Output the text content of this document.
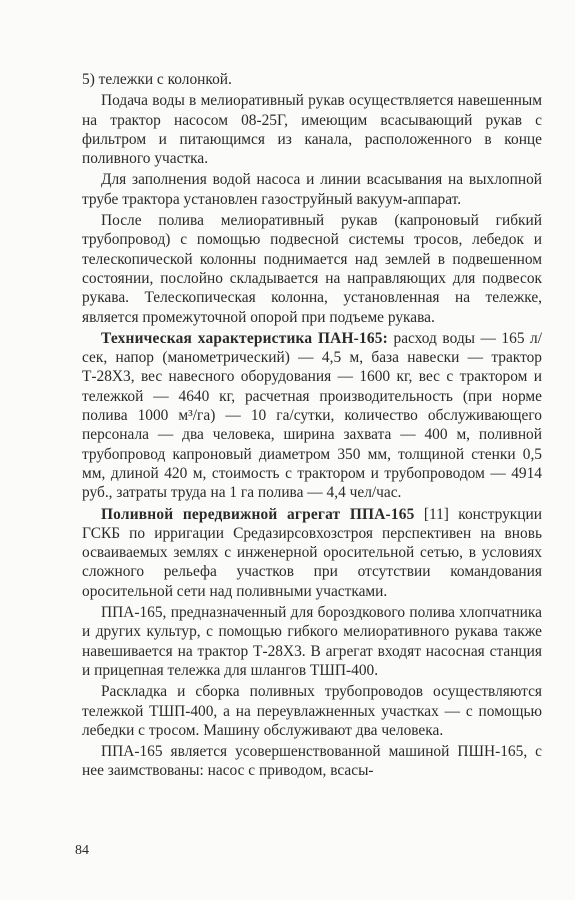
5) тележки с колонкой.

Подача воды в мелиоративный рукав осуществляется навешенным на трактор насосом 08-25Г, имеющим всасывающий рукав с фильтром и питающимся из канала, расположенного в конце поливного участка.

Для заполнения водой насоса и линии всасывания на выхлопной трубе трактора установлен газоструйный вакуум-аппарат.

После полива мелиоративный рукав (капроновый гибкий трубопровод) с помощью подвесной системы тросов, лебедок и телескопической колонны поднимается над землей в подвешенном состоянии, послойно складывается на направляющих для подвесок рукава. Телескопическая колонна, установленная на тележке, является промежуточной опорой при подъеме рукава.

Техническая характеристика ПАН-165: расход воды — 165 л/сек, напор (манометрический) — 4,5 м, база навески — трактор Т-28Х3, вес навесного оборудования — 1600 кг, вес с трактором и тележкой — 4640 кг, расчетная производительность (при норме полива 1000 м³/га) — 10 га/сутки, количество обслуживающего персонала — два человека, ширина захвата — 400 м, поливной трубопровод капроновый диаметром 350 мм, толщиной стенки 0,5 мм, длиной 420 м, стоимость с трактором и трубопроводом — 4914 руб., затраты труда на 1 га полива — 4,4 чел/час.

Поливной передвижной агрегат ППА-165 [11] конструкции ГСКБ по ирригации Средазирсовхозстроя перспективен на вновь осваиваемых землях с инженерной оросительной сетью, в условиях сложного рельефа участков при отсутствии командования оросительной сети над поливными участками.

ППА-165, предназначенный для бороздкового полива хлопчатника и других культур, с помощью гибкого мелиоративного рукава также навешивается на трактор Т-28Х3. В агрегат входят насосная станция и прицепная тележка для шлангов ТШП-400.

Раскладка и сборка поливных трубопроводов осуществляются тележкой ТШП-400, а на переувлажненных участках — с помощью лебедки с тросом. Машину обслуживают два человека.

ППА-165 является усовершенствованной машиной ПШН-165, с нее заимствованы: насос с приводом, всасы-

84
